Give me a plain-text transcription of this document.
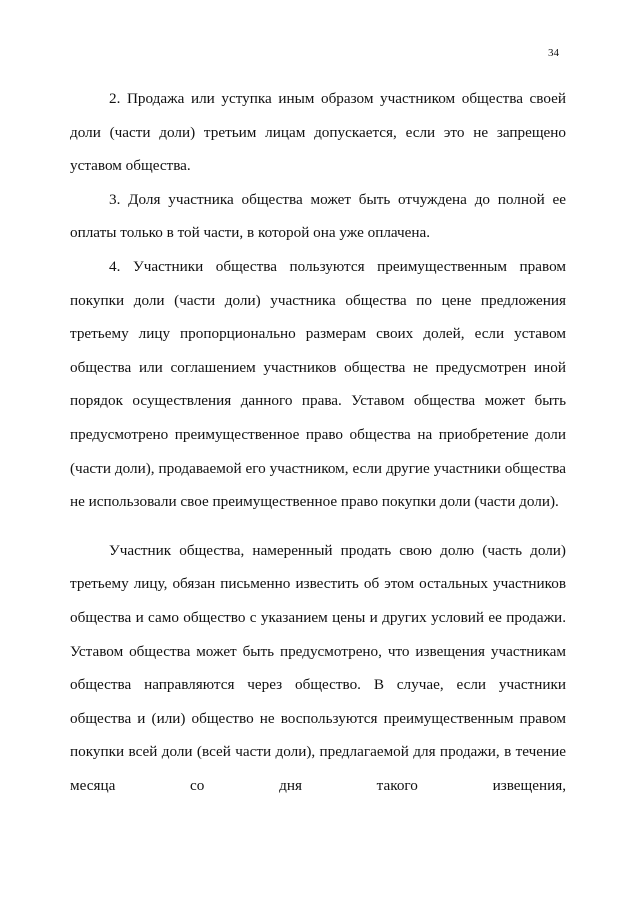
34

2. Продажа или уступка иным образом участником общества своей доли (части доли) третьим лицам допускается, если это не запрещено уставом общества.

3. Доля участника общества может быть отчуждена до полной ее оплаты только в той части, в которой она уже оплачена.

4. Участники общества пользуются преимущественным правом покупки доли (части доли) участника общества по цене предложения третьему лицу пропорционально размерам своих долей, если уставом общества или соглашением участников общества не предусмотрен иной порядок осуществления данного права. Уставом общества может быть предусмотрено преимущественное право общества на приобретение доли (части доли), продаваемой его участником, если другие участники общества не использовали свое преимущественное право покупки доли (части доли).

Участник общества, намеренный продать свою долю (часть доли) третьему лицу, обязан письменно известить об этом остальных участников общества и само общество с указанием цены и других условий ее продажи. Уставом общества может быть предусмотрено, что извещения участникам общества направляются через общество. В случае, если участники общества и (или) общество не воспользуются преимущественным правом покупки всей доли (всей части доли), предлагаемой для продажи, в течение месяца со дня такого извещения,
